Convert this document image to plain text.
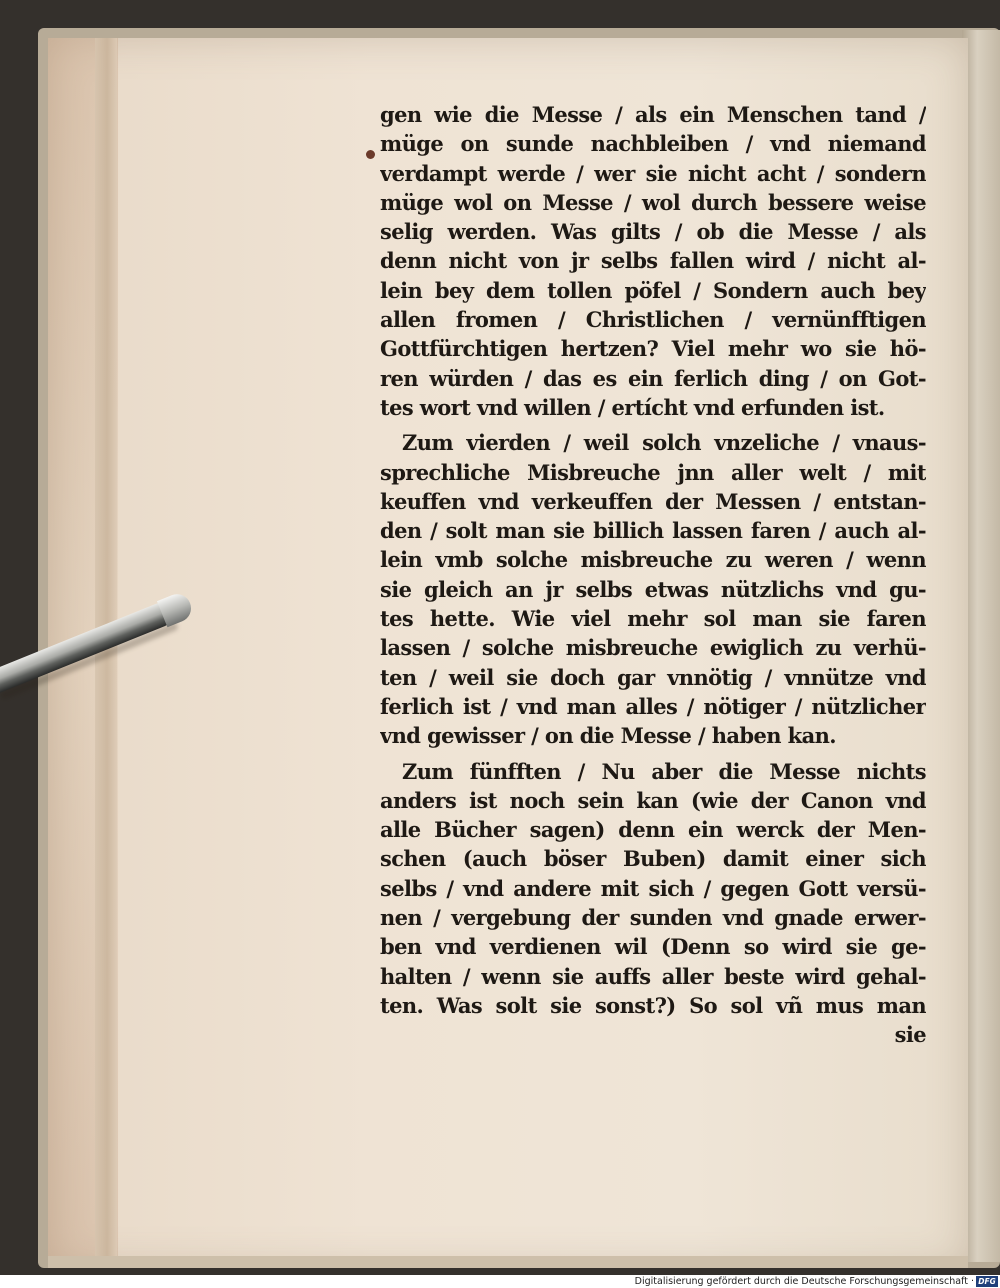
gen wie die Messe / als ein Menschen tand /
müge on sunde nachbleiben / vnd niemand
verdampt werde / wer sie nicht acht / sondern
müge wol on Messe / wol durch bessere weise
selig werden. Was gilts / ob die Messe / als
denn nicht von jr selbs fallen wird / nicht al-
lein bey dem tollen pöfel / Sondern auch bey
allen fromen / Christlichen / vernünfftigen
Gottfürchtigen hertzen? Viel mehr wo sie hö-
ren würden / das es ein ferlich ding / on Got-
tes wort vnd willen / ertícht vnd erfunden ist.
Zum vierden / weil solch vnzeliche / vnaus-
sprechliche Misbreuche jnn aller welt / mit
keuffen vnd verkeuffen der Messen / entstan-
den / solt man sie billich lassen faren / auch al-
lein vmb solche misbreuche zu weren / wenn
sie gleich an jr selbs etwas nützlichs vnd gu-
tes hette. Wie viel mehr sol man sie faren
lassen / solche misbreuche ewiglich zu verhü-
ten / weil sie doch gar vnnötig / vnnütze vnd
ferlich ist / vnd man alles / nötiger / nützlicher
vnd gewisser / on die Messe / haben kan.
Zum fünfften / Nu aber die Messe nichts
anders ist noch sein kan (wie der Canon vnd
alle Bücher sagen) denn ein werck der Men-
schen (auch böser Buben) damit einer sich
selbs / vnd andere mit sich / gegen Gott versü-
nen / vergebung der sunden vnd gnade erwer-
ben vnd verdienen wil (Denn so wird sie ge-
halten / wenn sie auffs aller beste wird gehal-
ten. Was solt sie sonst?) So sol vñ mus man
sie
Digitalisierung gefördert durch die Deutsche Forschungsgemeinschaft · DFG
